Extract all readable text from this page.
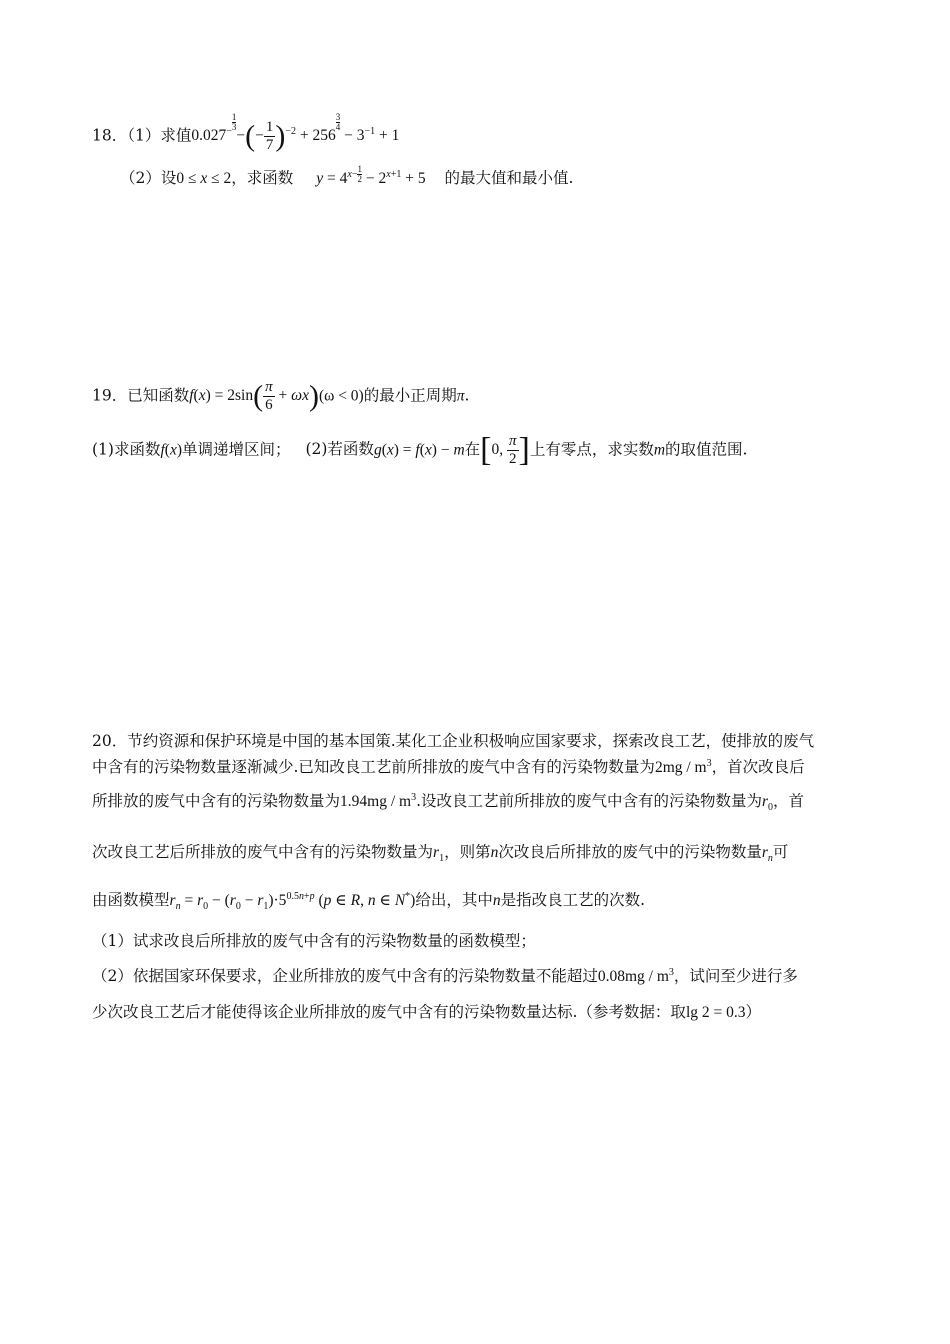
18．（1）求值$0.027^{- \frac{1}{3}}$
−(− $\frac{1}{7} )^{-2} + 256$
$^{\frac{3}{4}}$
− $3^{-1} + 1$
（2）设0 ≤ x ≤ 2，求函数 $y = 4^{x- \frac{1}{2}} - 2^{x+1} + 5$ 的最大值和最小值.
19．已知函数$f(x) = 2\sin( \frac{\pi}{6} + \omega x)(\omega < 0)$的最小正周期π.
(1)求函数f(x)单调递增区间； (2)若函数g(x) = f(x) − m在[0, $\frac{\pi}{2}$ ]上有零点，求实数m的取值范围.
20．节约资源和保护环境是中国的基本国策.某化工企业积极响应国家要求，探索改良工艺，使排放的废气
中含有的污染物数量逐渐减少.已知改良工艺前所排放的废气中含有的污染物数量为$2mg / m^3$，首次改良后
所排放的废气中含有的污染物数量为$1.94mg / m^3$.设改良工艺前所排放的废气中含有的污染物数量为$r_0$，首
次改良工艺后所排放的废气中含有的污染物数量为$r_1$，则第n次改良后所排放的废气中的污染物数量$r_n$可
由函数模型$r_n = r_0 - (r_0 - r_1)\cdot 5^{0.5n+p}$ (p ∈ R, n ∈ N*)给出，其中n是指改良工艺的次数.
（1）试求改良后所排放的废气中含有的污染物数量的函数模型；
（2）依据国家环保要求，企业所排放的废气中含有的污染物数量不能超过$0.08mg / m^3$，试问至少进行多
少次改良工艺后才能使得该企业所排放的废气中含有的污染物数量达标.（参考数据：取lg 2 = 0.3）
